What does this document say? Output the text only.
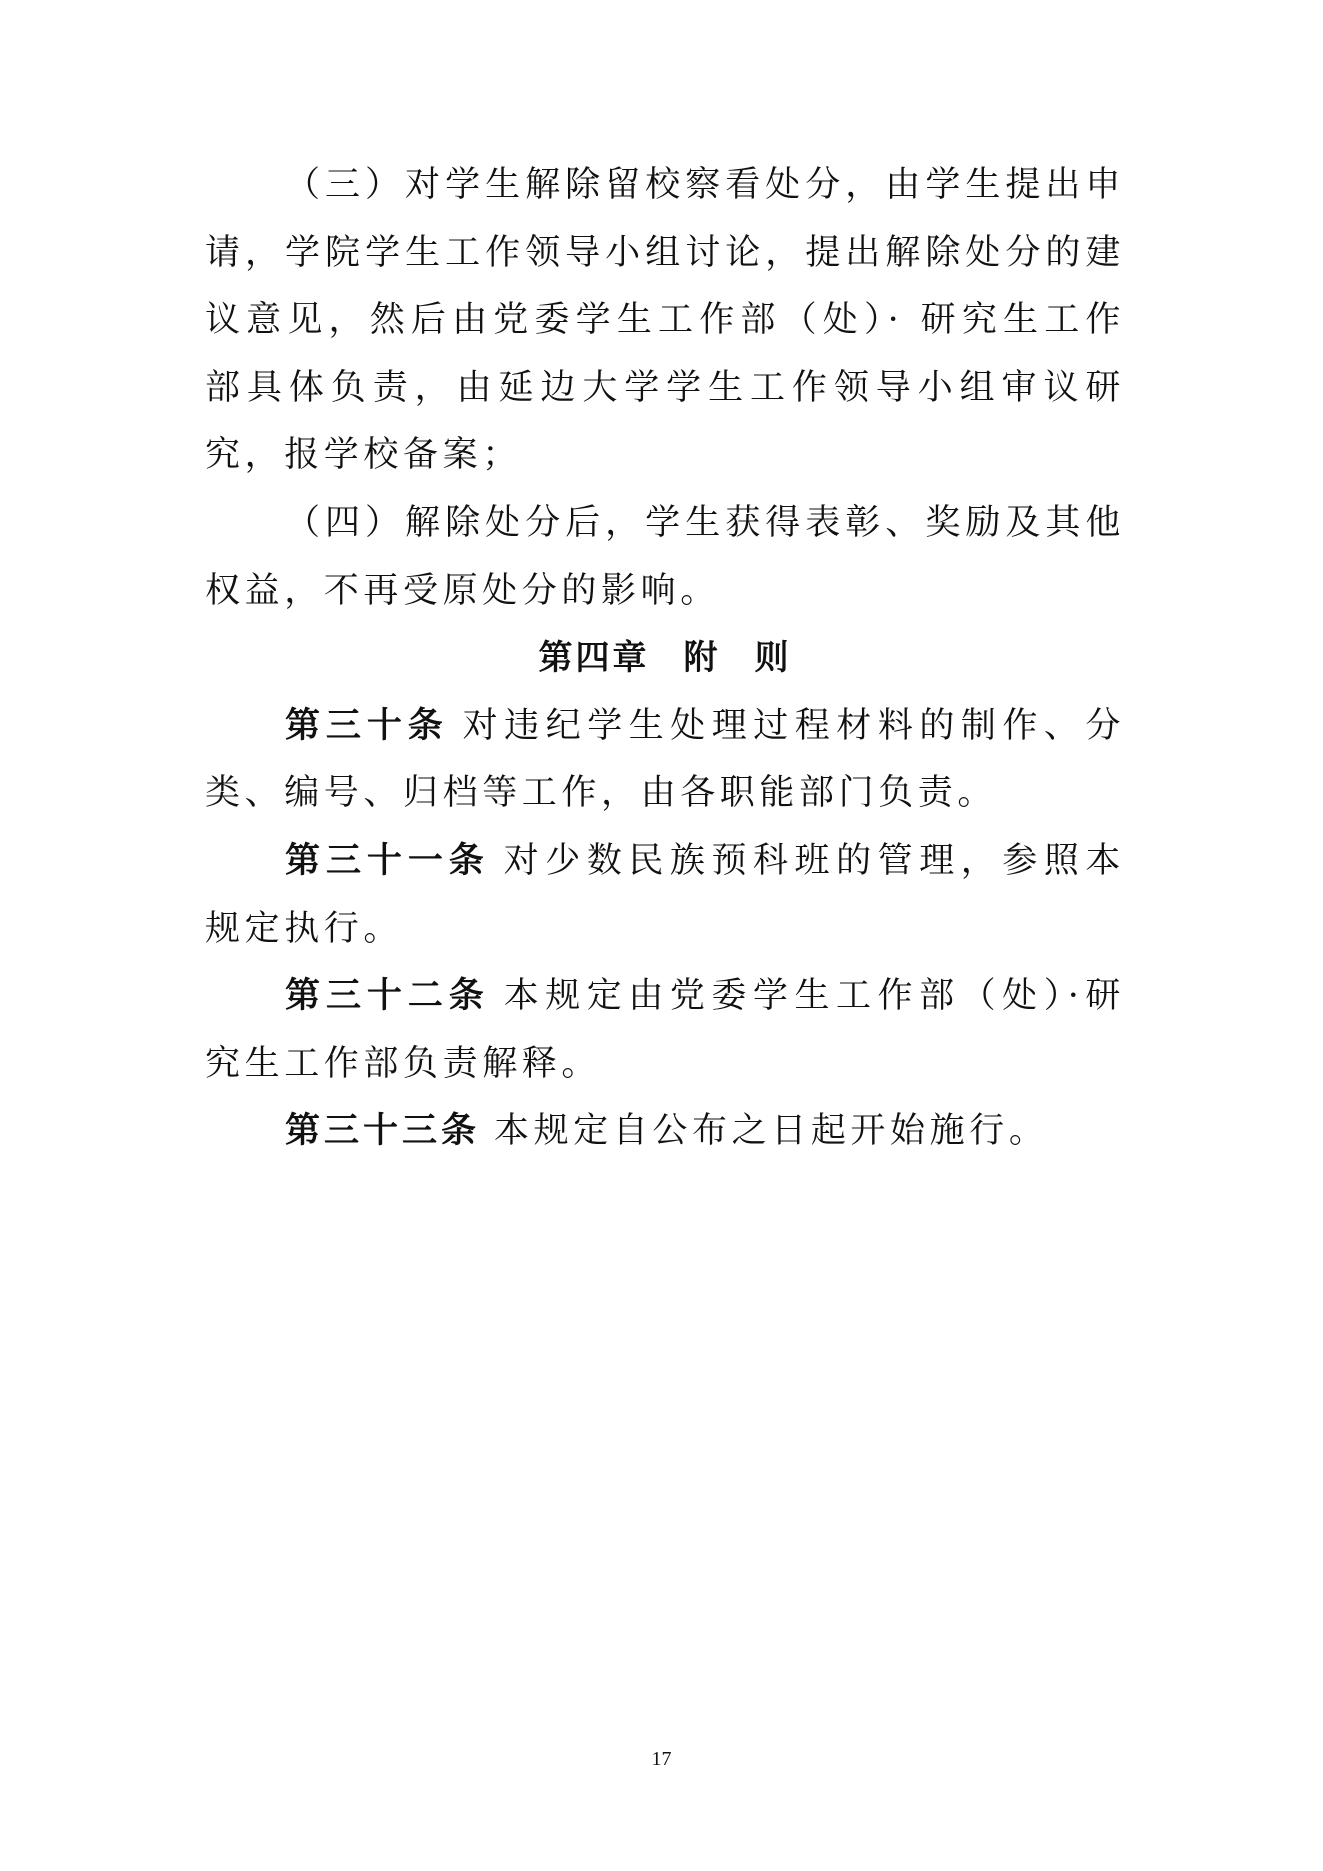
（三）对学生解除留校察看处分，由学生提出申请，学院学生工作领导小组讨论，提出解除处分的建议意见，然后由党委学生工作部（处）· 研究生工作部具体负责，由延边大学学生工作领导小组审议研究，报学校备案；

（四）解除处分后，学生获得表彰、奖励及其他权益，不再受原处分的影响。

第四章 附 则

第三十条 对违纪学生处理过程材料的制作、分类、编号、归档等工作，由各职能部门负责。

第三十一条 对少数民族预科班的管理，参照本规定执行。

第三十二条 本规定由党委学生工作部（处）·研究生工作部负责解释。

第三十三条 本规定自公布之日起开始施行。

17
